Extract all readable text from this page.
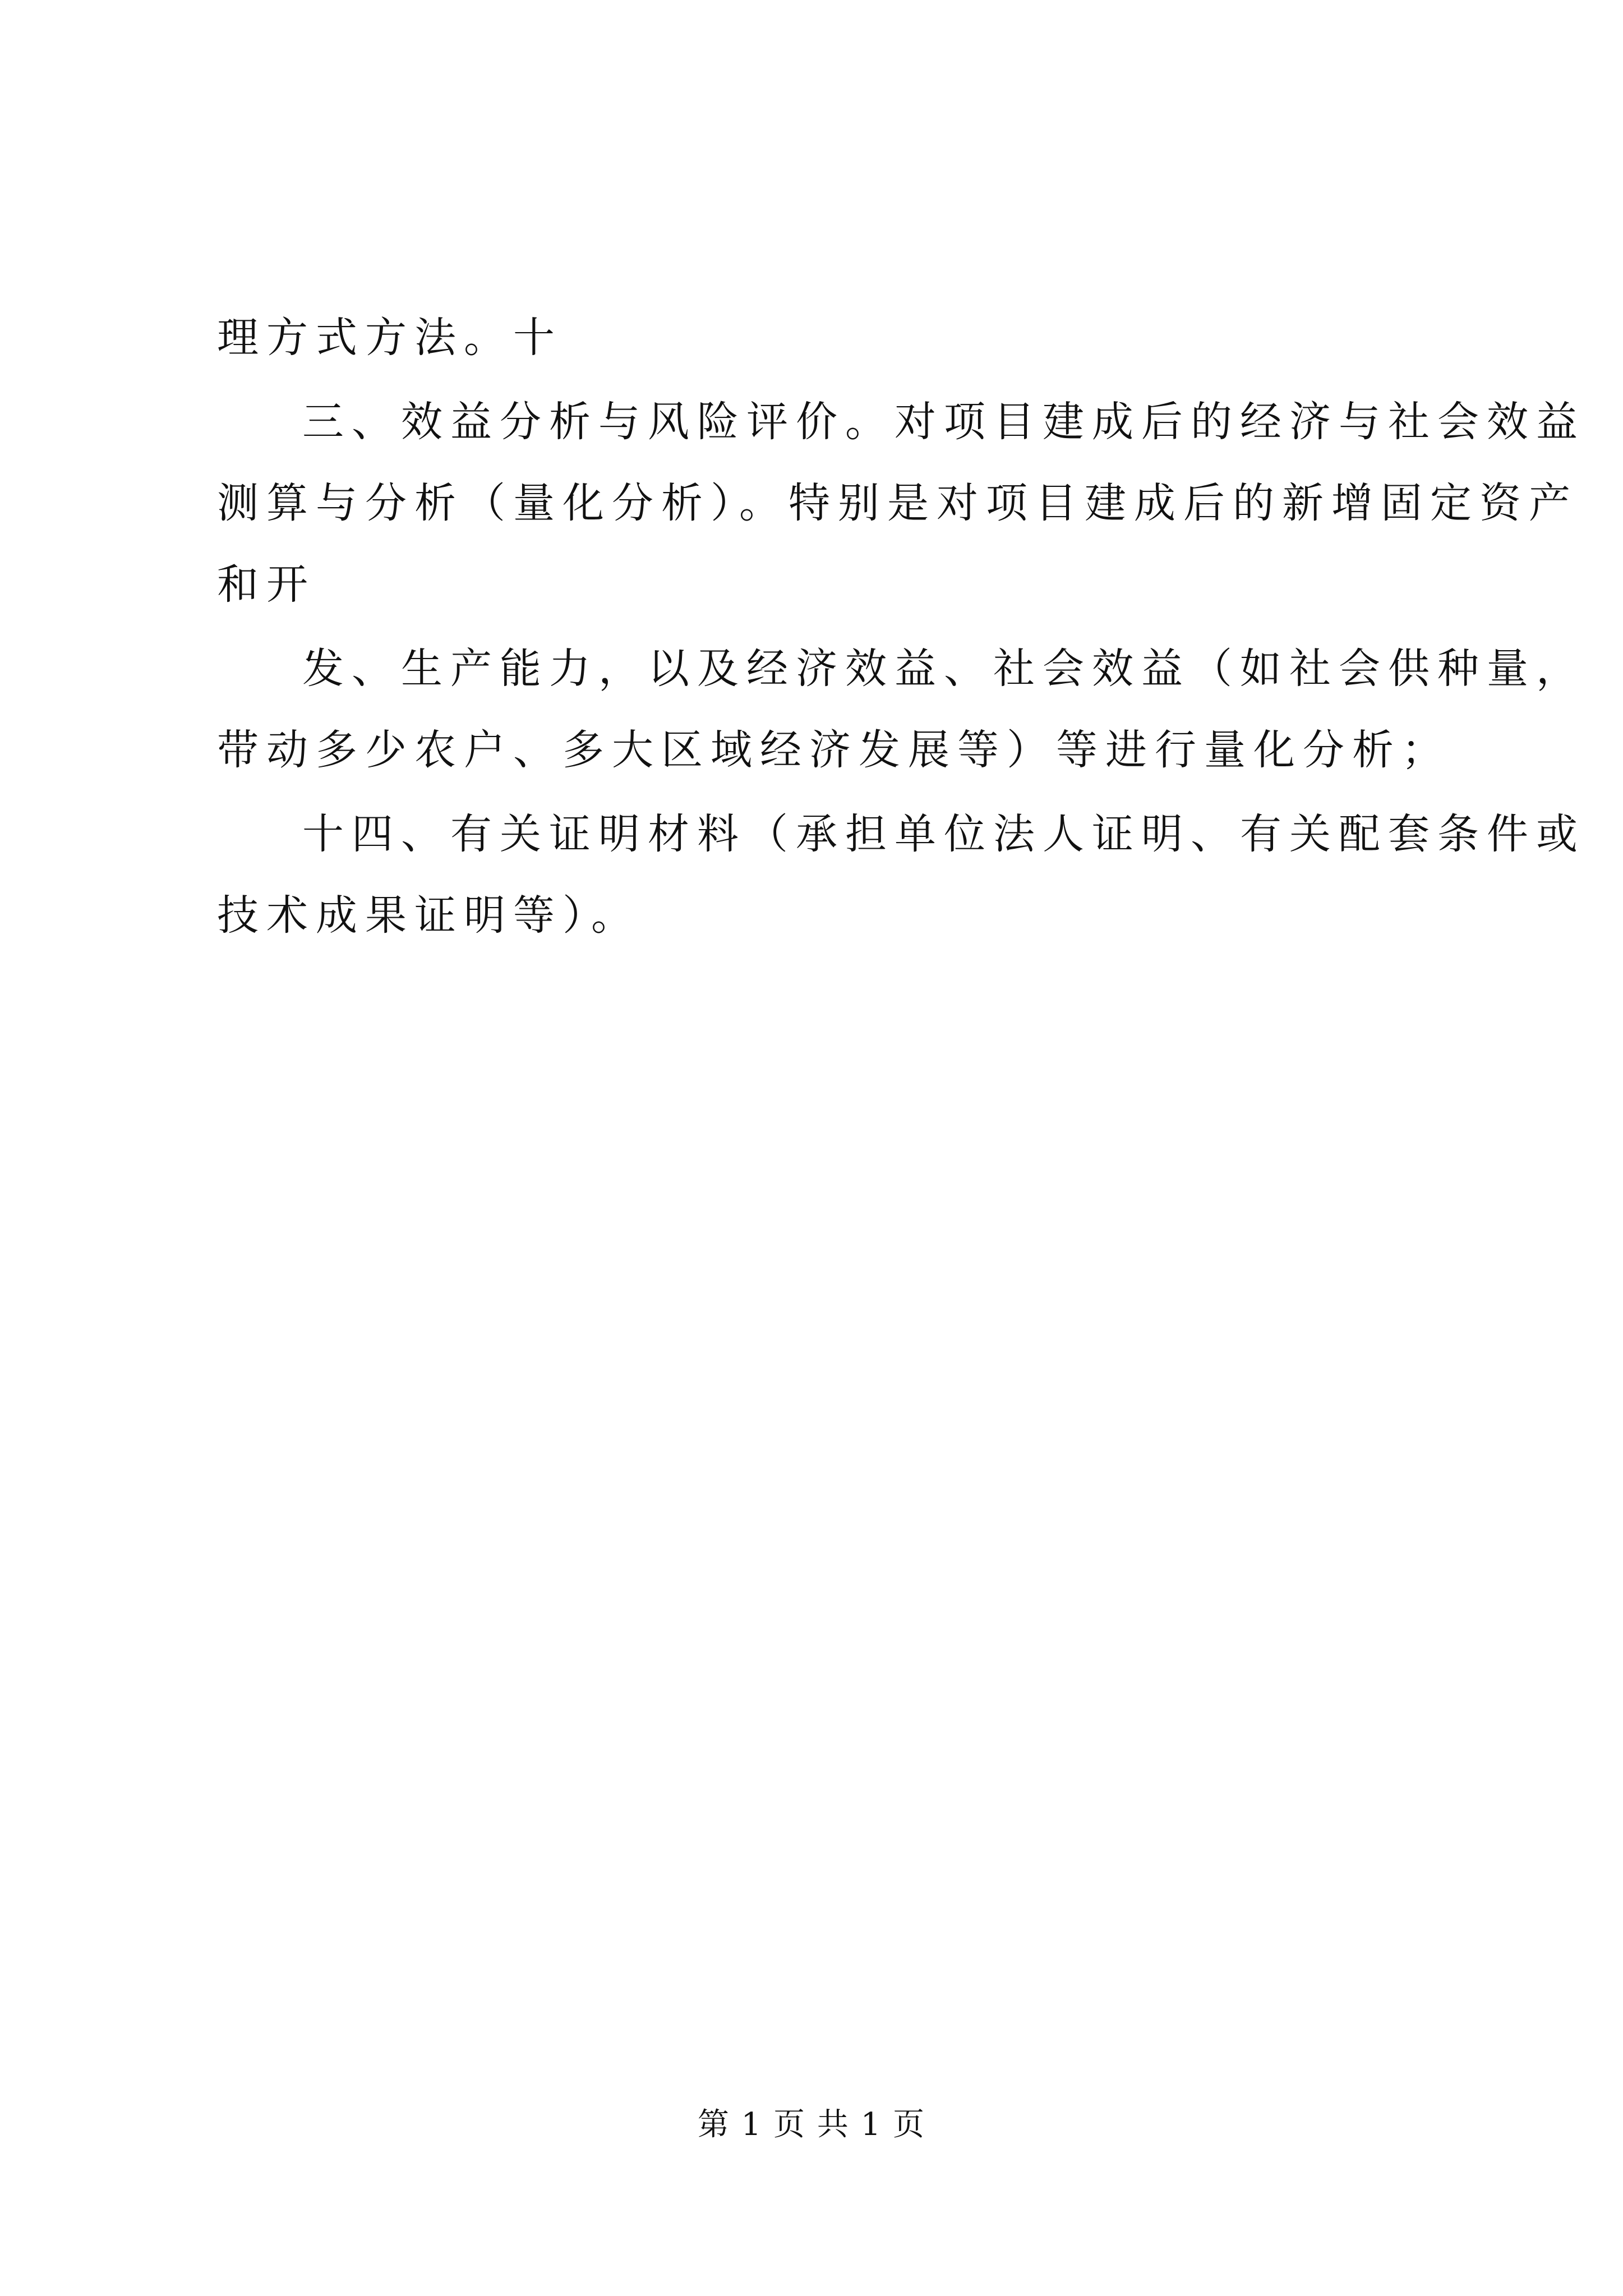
理方式方法。十
三、效益分析与风险评价。对项目建成后的经济与社会效益
测算与分析（量化分析）。特别是对项目建成后的新增固定资产
和开
发、生产能力，以及经济效益、社会效益（如社会供种量，
带动多少农户、多大区域经济发展等）等进行量化分析；
十四、有关证明材料（承担单位法人证明、有关配套条件或
技术成果证明等）。
第 1 页 共 1 页
